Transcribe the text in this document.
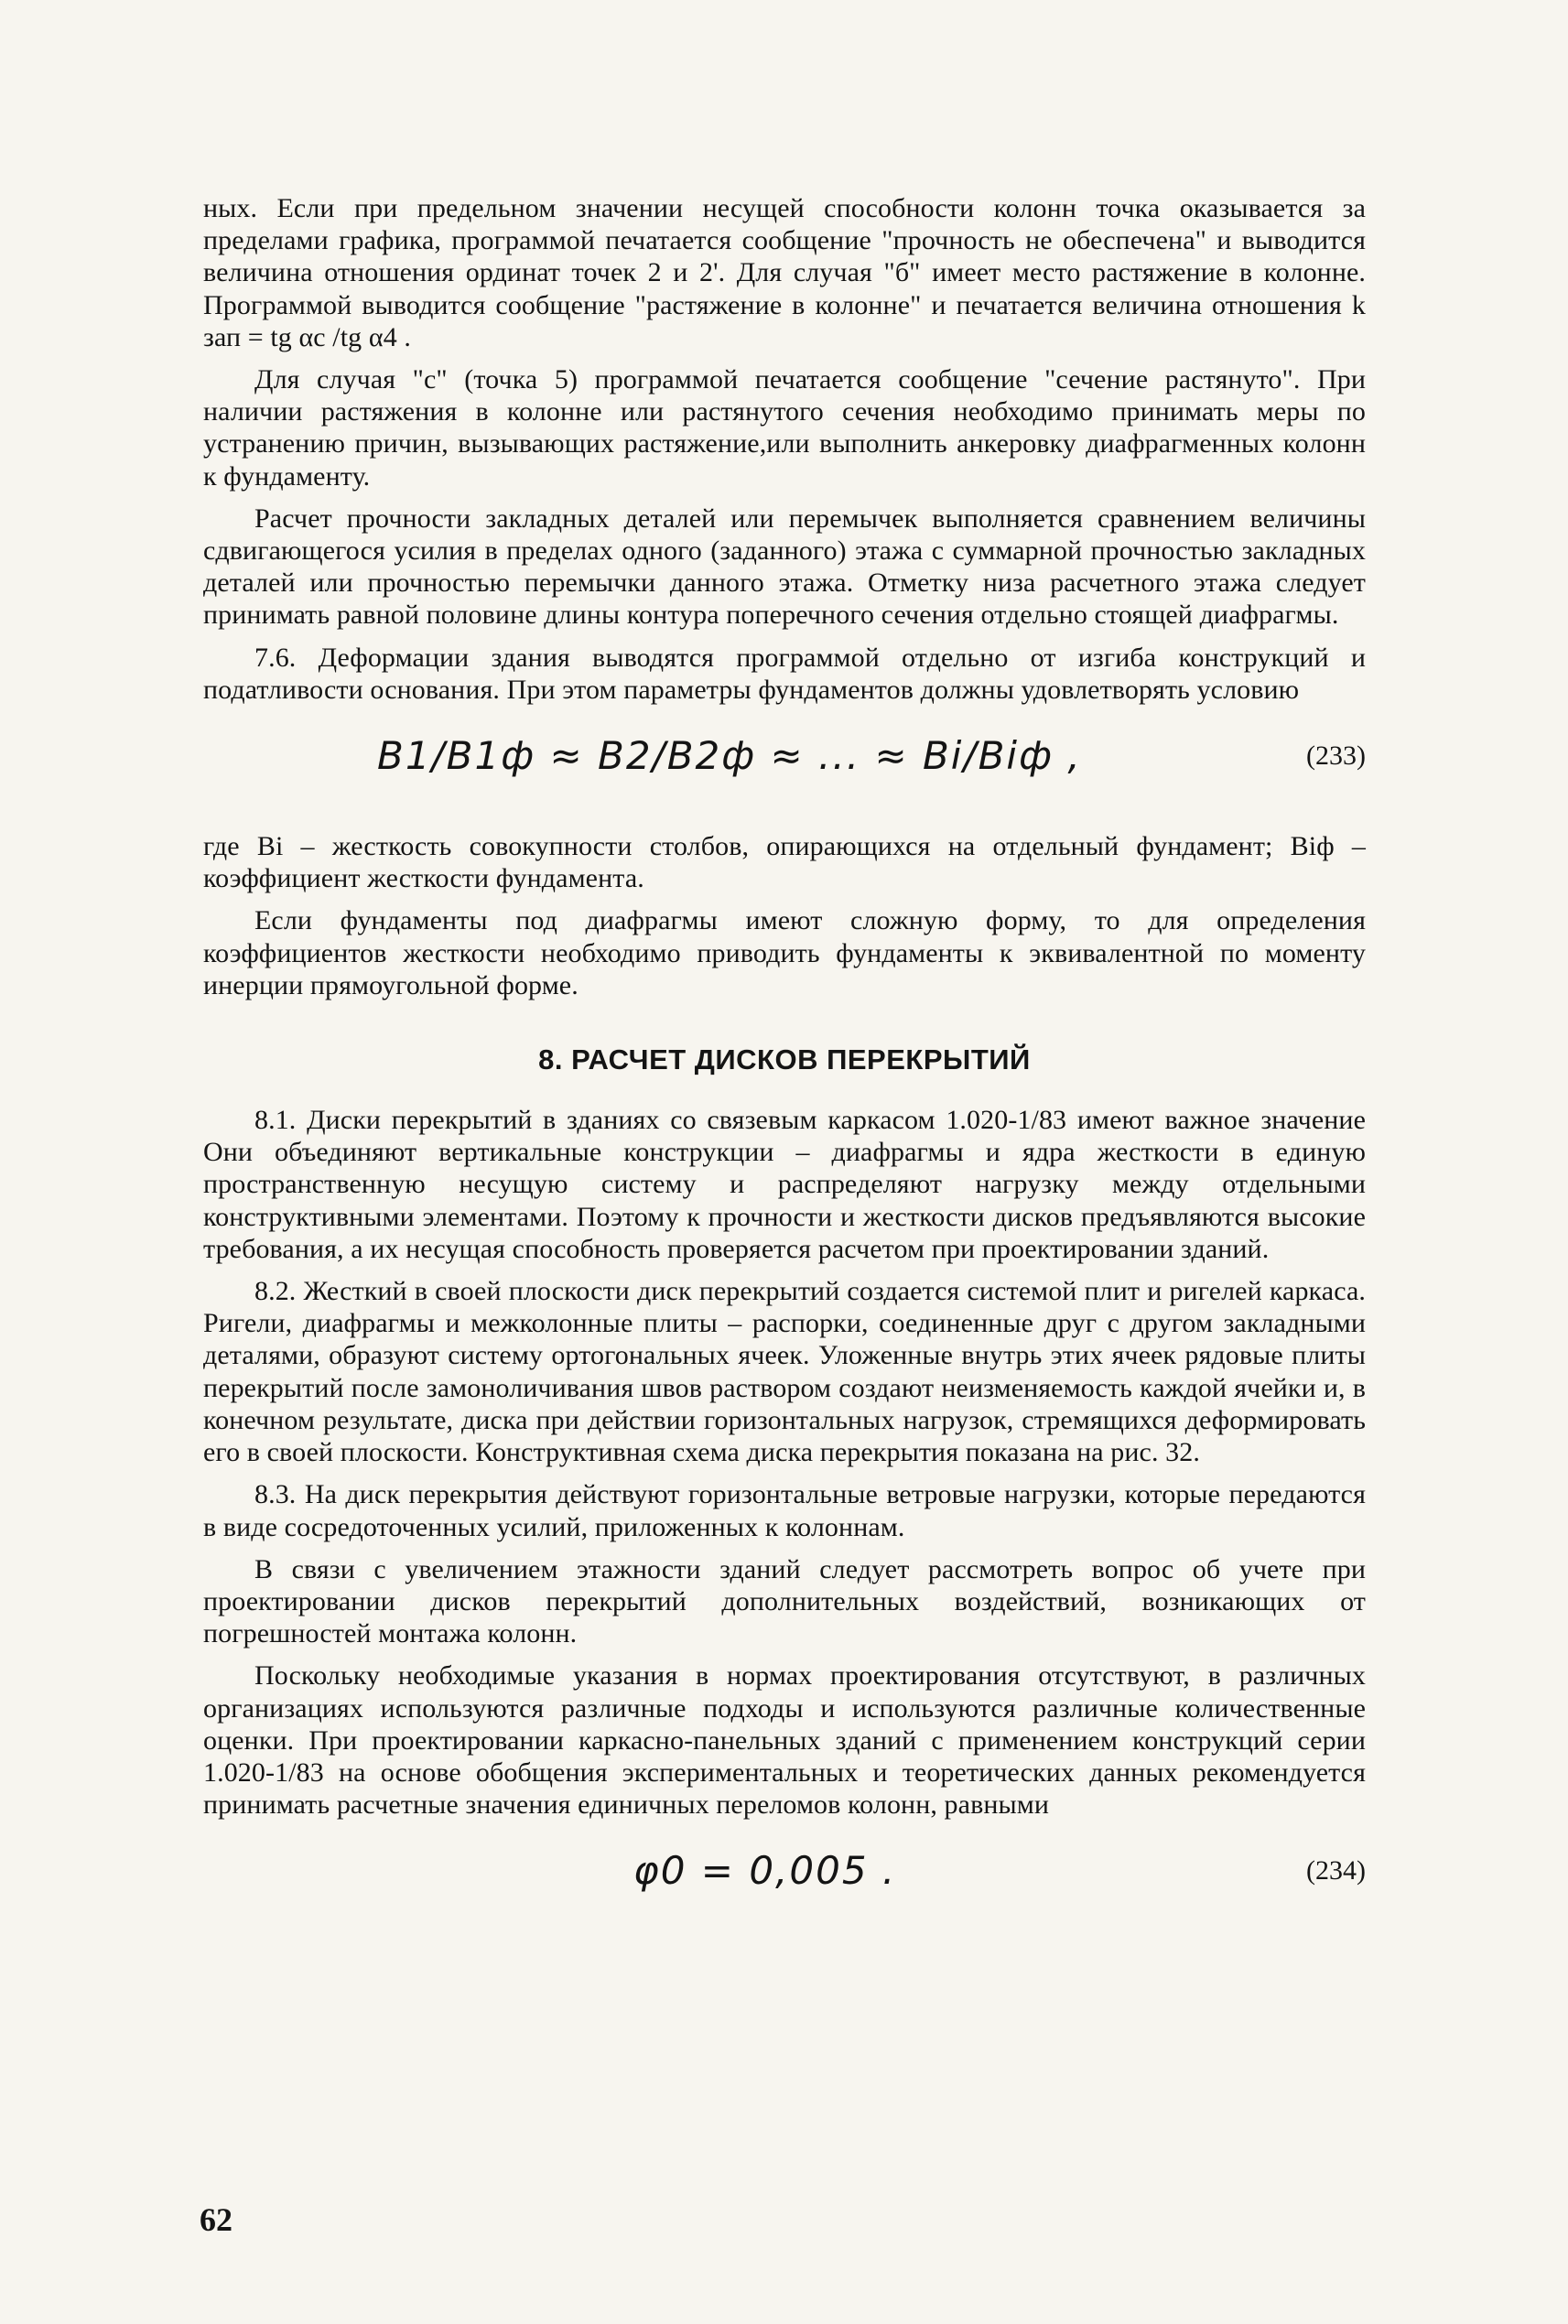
ных. Если при предельном значении несущей способности колонн точка оказывается за пределами графика, программой печатается сообщение "прочность не обеспечена" и выводится величина отношения ординат точек 2 и 2'. Для случая "б" имеет место растяжение в колонне. Программой выводится сообщение "растяжение в колонне" и печатается величина отношения k зап = tg αc /tg α4 .

Для случая "с" (точка 5) программой печатается сообщение "сечение растянуто". При наличии растяжения в колонне или растянутого сечения необходимо принимать меры по устранению причин, вызывающих растяжение,или выполнить анкеровку диафрагменных колонн к фундаменту.

Расчет прочности закладных деталей или перемычек выполняется сравнением величины сдвигающегося усилия в пределах одного (заданного) этажа с суммарной прочностью закладных деталей или прочностью перемычки данного этажа. Отметку низа расчетного этажа следует принимать равной половине длины контура поперечного сечения отдельно стоящей диафрагмы.

7.6. Деформации здания выводятся программой отдельно от изгиба конструкций и податливости основания. При этом параметры фундаментов должны удовлетворять условию

B1/B1ф ≈ B2/B2ф ≈ ... ≈ Bi/Biф ,	(233)

где Bi – жесткость совокупности столбов, опирающихся на отдельный фундамент; Biф – коэффициент жесткости фундамента.

Если фундаменты под диафрагмы имеют сложную форму, то для определения коэффициентов жесткости необходимо приводить фундаменты к эквивалентной по моменту инерции прямоугольной форме.

8. РАСЧЕТ ДИСКОВ ПЕРЕКРЫТИЙ

8.1. Диски перекрытий в зданиях со связевым каркасом 1.020-1/83 имеют важное значение Они объединяют вертикальные конструкции – диафрагмы и ядра жесткости в единую пространственную несущую систему и распределяют нагрузку между отдельными конструктивными элементами. Поэтому к прочности и жесткости дисков предъявляются высокие требования, а их несущая способность проверяется расчетом при проектировании зданий.

8.2. Жесткий в своей плоскости диск перекрытий создается системой плит и ригелей каркаса. Ригели, диафрагмы и межколонные плиты – распорки, соединенные друг с другом закладными деталями, образуют систему ортогональных ячеек. Уложенные внутрь этих ячеек рядовые плиты перекрытий после замоноличивания швов раствором создают неизменяемость каждой ячейки и, в конечном результате, диска при действии горизонтальных нагрузок, стремящихся деформировать его в своей плоскости. Конструктивная схема диска перекрытия показана на рис. 32.

8.3. На диск перекрытия действуют горизонтальные ветровые нагрузки, которые передаются в виде сосредоточенных усилий, приложенных к колоннам.

В связи с увеличением этажности зданий следует рассмотреть вопрос об учете при проектировании дисков перекрытий дополнительных воздействий, возникающих от погрешностей монтажа колонн.

Поскольку необходимые указания в нормах проектирования отсутствуют, в различных организациях используются различные подходы и используются различные количественные оценки. При проектировании каркасно-панельных зданий с применением конструкций серии 1.020-1/83 на основе обобщения экспериментальных и теоретических данных рекомендуется принимать расчетные значения единичных переломов колонн, равными

φ0 = 0,005 .	(234)
62
